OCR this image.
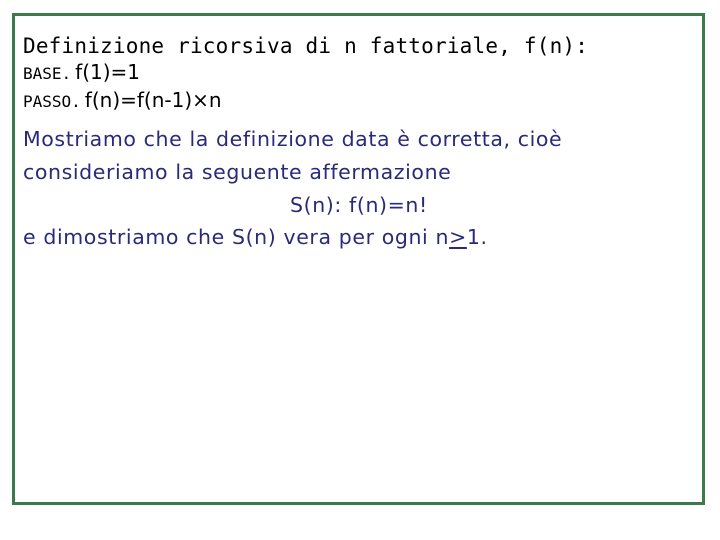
Definizione ricorsiva di n fattoriale, f(n):
BASE. f(1)=1
PASSO. f(n)=f(n-1)×n
Mostriamo che la definizione data è corretta, cioè
consideriamo la seguente affermazione
S(n): f(n)=n!
e dimostriamo che S(n) vera per ogni n>1.
